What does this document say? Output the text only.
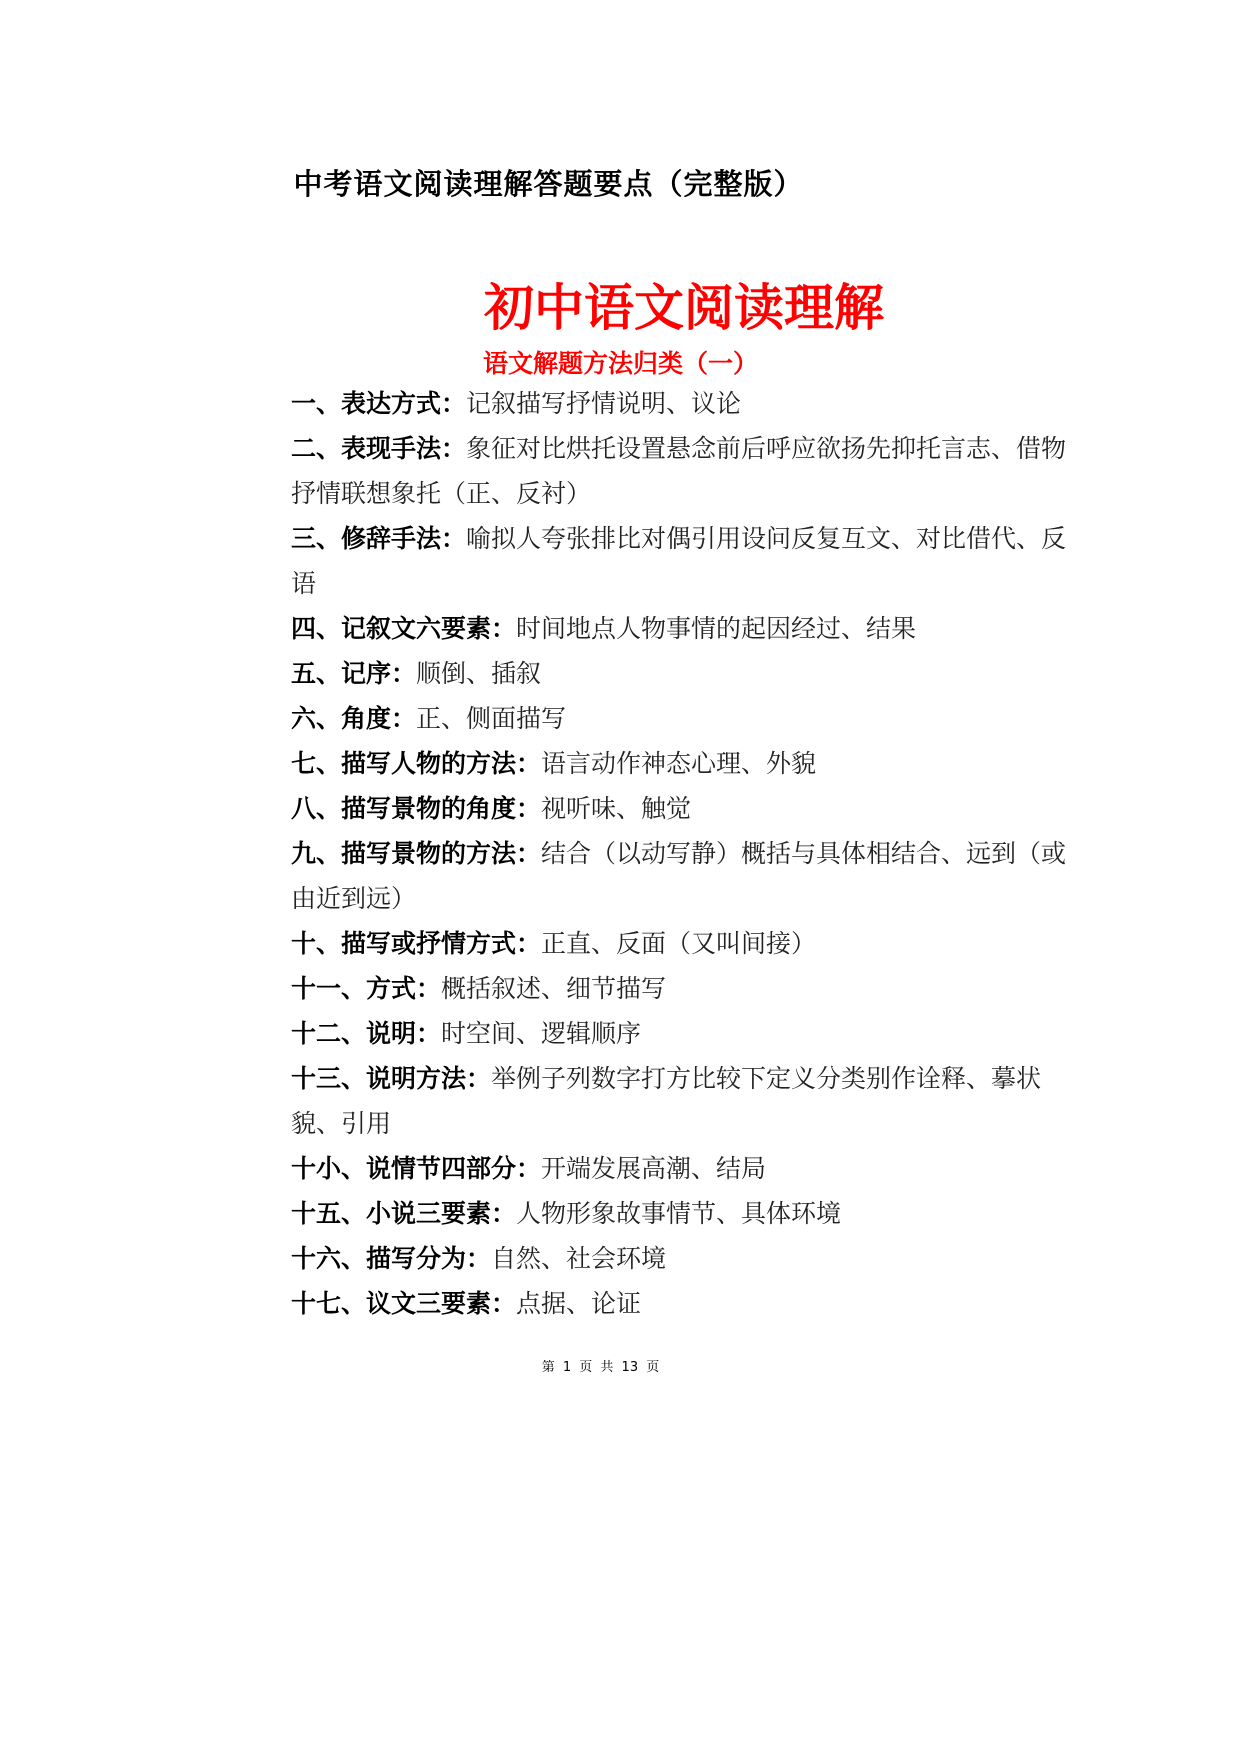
中考语文阅读理解答题要点（完整版）
初中语文阅读理解
语文解题方法归类（一）

一、表达方式：记叙描写抒情说明、议论

二、表现手法：象征对比烘托设置悬念前后呼应欲扬先抑托言志、借物抒情联想象托（正、反衬）

三、修辞手法：喻拟人夸张排比对偶引用设问反复互文、对比借代、反语

四、记叙文六要素：时间地点人物事情的起因经过、结果

五、记序：顺倒、插叙

六、角度：正、侧面描写

七、描写人物的方法：语言动作神态心理、外貌

八、描写景物的角度：视听味、触觉

九、描写景物的方法：结合（以动写静）概括与具体相结合、远到（或由近到远）

十、描写或抒情方式：正直、反面（又叫间接）

十一、方式：概括叙述、细节描写

十二、说明：时空间、逻辑顺序

十三、说明方法：举例子列数字打方比较下定义分类别作诠释、摹状貌、引用

十小、说情节四部分：开端发展高潮、结局

十五、小说三要素：人物形象故事情节、具体环境

十六、描写分为：自然、社会环境

十七、议文三要素：点据、论证

第 1 页 共 13 页
